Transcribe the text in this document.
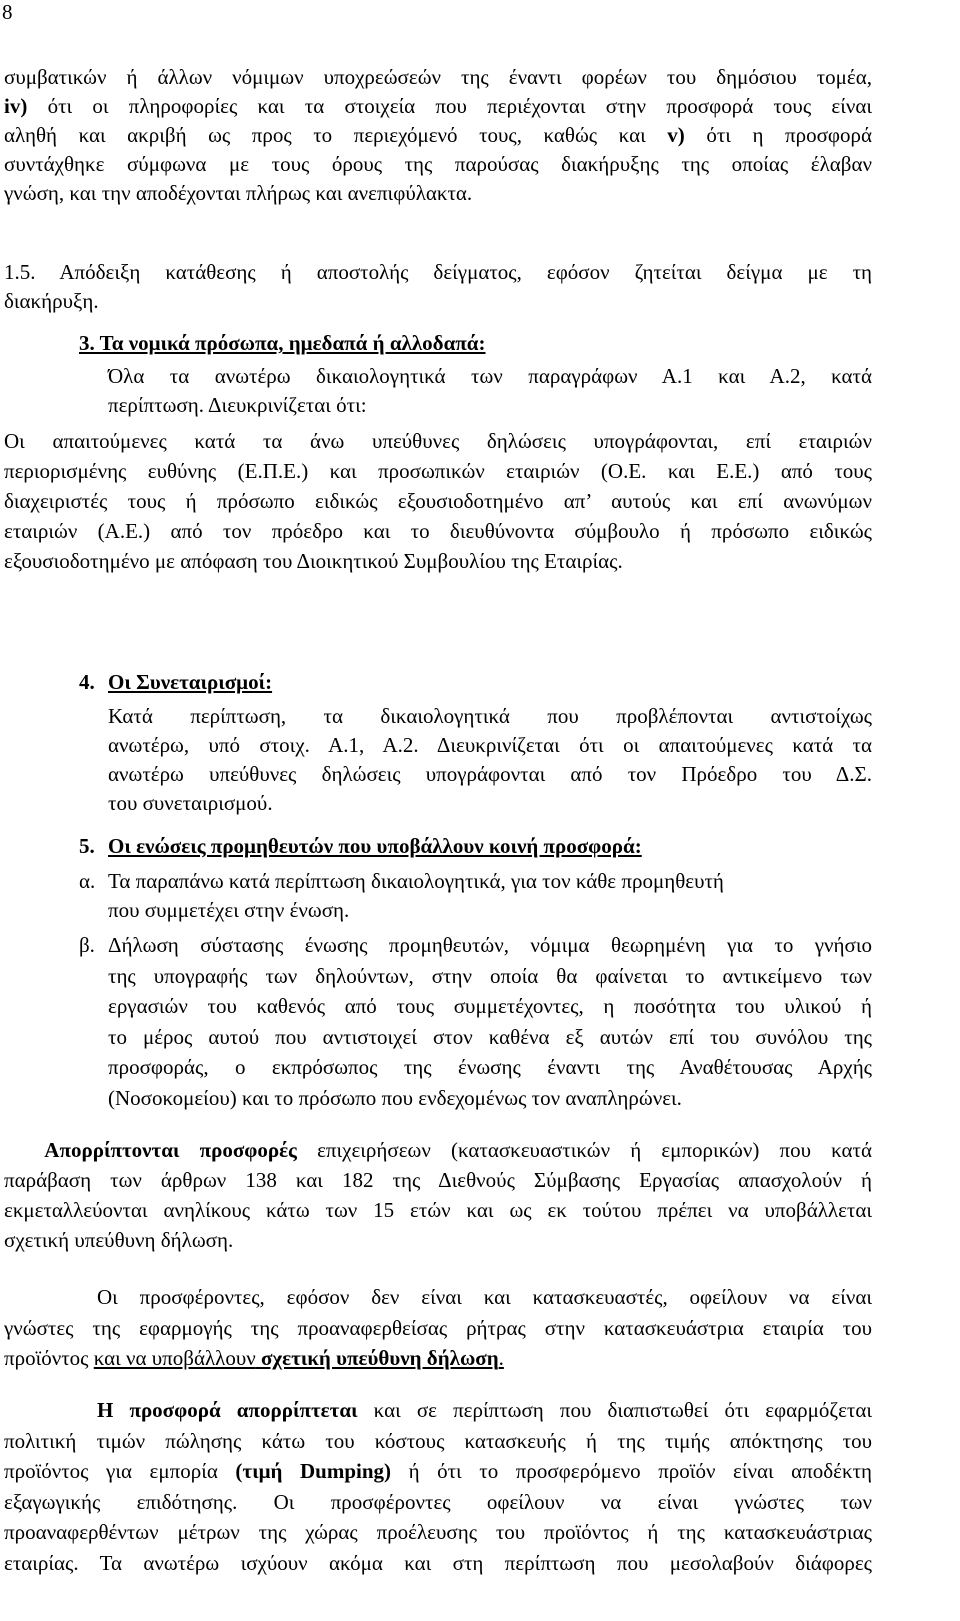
8
συμβατικών ή άλλων νόμιμων υποχρεώσεών της έναντι φορέων του δημόσιου τομέα,
iv) ότι οι πληροφορίες και τα στοιχεία που περιέχονται στην προσφορά τους είναι
αληθή και ακριβή ως προς το περιεχόμενό τους, καθώς και v) ότι η προσφορά
συντάχθηκε σύμφωνα με τους όρους της παρούσας διακήρυξης της οποίας έλαβαν
γνώση, και την αποδέχονται πλήρως και ανεπιφύλακτα.
1.5. Απόδειξη κατάθεσης ή αποστολής δείγματος, εφόσον ζητείται δείγμα με τη
διακήρυξη.
3. Τα νομικά πρόσωπα, ημεδαπά ή αλλοδαπά:
Όλα τα ανωτέρω δικαιολογητικά των παραγράφων Α.1 και Α.2, κατά
περίπτωση. Διευκρινίζεται ότι:
Οι απαιτούμενες κατά τα άνω υπεύθυνες δηλώσεις υπογράφονται, επί εταιριών
περιορισμένης ευθύνης (Ε.Π.Ε.) και προσωπικών εταιριών (Ο.Ε. και Ε.Ε.) από τους
διαχειριστές τους ή πρόσωπο ειδικώς εξουσιοδοτημένο απ’ αυτούς και επί ανωνύμων
εταιριών (Α.Ε.) από τον πρόεδρο και το διευθύνοντα σύμβουλο ή πρόσωπο ειδικώς
εξουσιοδοτημένο με απόφαση του Διοικητικού Συμβουλίου της Εταιρίας.
4. Οι Συνεταιρισμοί:
Κατά περίπτωση, τα δικαιολογητικά που προβλέπονται αντιστοίχως
ανωτέρω, υπό στοιχ. Α.1, Α.2. Διευκρινίζεται ότι οι απαιτούμενες κατά τα
ανωτέρω υπεύθυνες δηλώσεις υπογράφονται από τον Πρόεδρο του Δ.Σ.
του συνεταιρισμού.
5. Οι ενώσεις προμηθευτών που υποβάλλουν κοινή προσφορά:
α. Τα παραπάνω κατά περίπτωση δικαιολογητικά, για τον κάθε προμηθευτή
που συμμετέχει στην ένωση.
β. Δήλωση σύστασης ένωσης προμηθευτών, νόμιμα θεωρημένη για το γνήσιο
της υπογραφής των δηλούντων, στην οποία θα φαίνεται το αντικείμενο των
εργασιών του καθενός από τους συμμετέχοντες, η ποσότητα του υλικού ή
το μέρος αυτού που αντιστοιχεί στον καθένα εξ αυτών επί του συνόλου της
προσφοράς, ο εκπρόσωπος της ένωσης έναντι της Αναθέτουσας Αρχής
(Νοσοκομείου) και το πρόσωπο που ενδεχομένως τον αναπληρώνει.
Απορρίπτονται προσφορές επιχειρήσεων (κατασκευαστικών ή εμπορικών) που κατά
παράβαση των άρθρων 138 και 182 της Διεθνούς Σύμβασης Εργασίας απασχολούν ή
εκμεταλλεύονται ανηλίκους κάτω των 15 ετών και ως εκ τούτου πρέπει να υποβάλλεται
σχετική υπεύθυνη δήλωση.
Οι προσφέροντες, εφόσον δεν είναι και κατασκευαστές, οφείλουν να είναι
γνώστες της εφαρμογής της προαναφερθείσας ρήτρας στην κατασκευάστρια εταιρία του
προϊόντος και να υποβάλλουν σχετική υπεύθυνη δήλωση.
Η προσφορά απορρίπτεται και σε περίπτωση που διαπιστωθεί ότι εφαρμόζεται
πολιτική τιμών πώλησης κάτω του κόστους κατασκευής ή της τιμής απόκτησης του
προϊόντος για εμπορία (τιμή Dumping) ή ότι το προσφερόμενο προϊόν είναι αποδέκτη
εξαγωγικής επιδότησης. Οι προσφέροντες οφείλουν να είναι γνώστες των
προαναφερθέντων μέτρων της χώρας προέλευσης του προϊόντος ή της κατασκευάστριας
εταιρίας. Τα ανωτέρω ισχύουν ακόμα και στη περίπτωση που μεσολαβούν διάφορες
